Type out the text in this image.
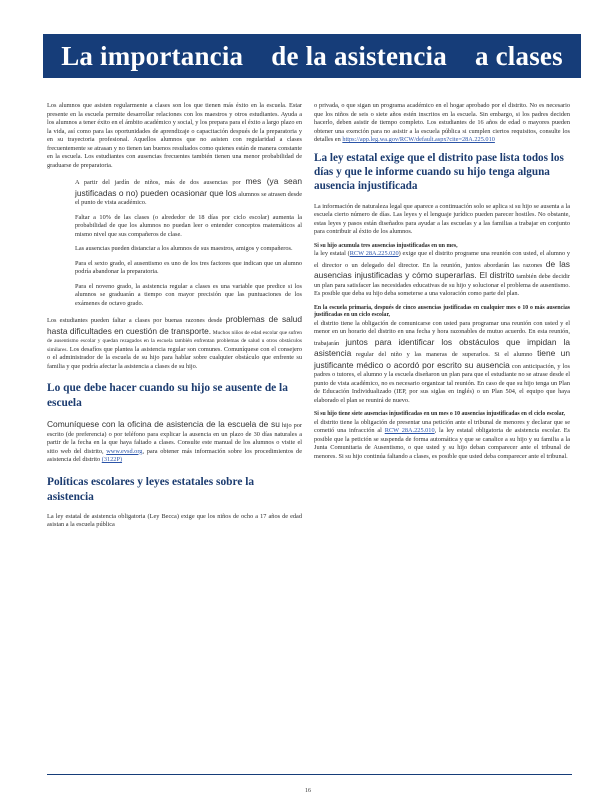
La importancia	de la asistencia	a clases

Los alumnos que asisten regularmente a clases son los que tienen más éxito en la escuela. Estar presente en la escuela permite desarrollar relaciones con los maestros y otros estudiantes. Ayuda a los alumnos a tener éxito en el ámbito académico y social, y los prepara para el éxito a largo plazo en la vida, así como para las oportunidades de aprendizaje o capacitación después de la preparatoria y en su trayectoria profesional. Aquellos alumnos que no asisten con regularidad a clases frecuentemente se atrasan y no tienen tan buenos resultados como quienes están de manera constante en la escuela. Los estudiantes con ausencias frecuentes también tienen una menor probabilidad de graduarse de preparatoria.

A partir del jardín de niños, más de dos ausencias por mes (ya sean justificadas o no) pueden ocasionar que los alumnos se atrasen desde el punto de vista académico.

Faltar a 10% de las clases (o alrededor de 18 días por ciclo escolar) aumenta la probabilidad de que los alumnos no puedan leer o entender conceptos matemáticos al mismo nivel que sus compañeros de clase.

Las ausencias pueden distanciar a los alumnos de sus maestros, amigos y compañeros.

Para el sexto grado, el ausentismo es uno de los tres factores que indican que un alumno podría abandonar la preparatoria.

Para el noveno grado, la asistencia regular a clases es una variable que predice si los alumnos se graduarán a tiempo con mayor precisión que las puntuaciones de los exámenes de octavo grado.

Los estudiantes pueden faltar a clases por buenas razones desde problemas de salud hasta dificultades en cuestión de transporte. Muchos niños de edad escolar que sufren de ausentismo escolar y quedan rezagados en la escuela también enfrentan problemas de salud u otros obstáculos similares. Los desafíos que plantea la asistencia regular son comunes. Comuníquese con el consejero o el administrador de la escuela de su hijo para hablar sobre cualquier obstáculo que enfrente su familia y que podría afectar la asistencia a clases de su hijo.

Lo que debe hacer cuando su hijo se ausente de la escuela

Comuníquese con la oficina de asistencia de la escuela de su hijo por escrito (de preferencia) o por teléfono para explicar la ausencia en un plazo de 30 días naturales a partir de la fecha en la que haya faltado a clases. Consulte este manual de los alumnos o visite el sitio web del distrito, www.evsd.org, para obtener más información sobre los procedimientos de asistencia del distrito (3122P)

Políticas escolares y leyes estatales sobre la asistencia

La ley estatal de asistencia obligatoria (Ley Becca) exige que los niños de ocho a 17 años de edad asistan a la escuela pública

o privada, o que sigan un programa académico en el hogar aprobado por el distrito. No es necesario que los niños de seis o siete años estén inscritos en la escuela. Sin embargo, si los padres deciden hacerlo, deben asistir de tiempo completo. Los estudiantes de 16 años de edad o mayores pueden obtener una exención para no asistir a la escuela pública si cumplen ciertos requisitos, consulte los detalles en https://app.leg.wa.gov/RCW/default.aspx?cite=28A.225.010

La ley estatal exige que el distrito pase lista todos los días y que le informe cuando su hijo tenga alguna ausencia injustificada

La información de naturaleza legal que aparece a continuación solo se aplica si su hijo se ausenta a la escuela cierto número de días. Las leyes y el lenguaje jurídico pueden parecer hostiles. No obstante, estas leyes y pasos están diseñados para ayudar a las escuelas y a las familias a trabajar en conjunto para contribuir al éxito de los alumnos.

Si su hijo acumula tres ausencias injustificadas en un mes,
la ley estatal (RCW 28A.225.020) exige que el distrito programe una reunión con usted, el alumno y el director o un delegado del director. En la reunión, juntos abordarán las razones de las ausencias injustificadas y cómo superarlas. El distrito también debe decidir un plan para satisfacer las necesidades educativas de su hijo y solucionar el problema de ausentismo. Es posible que deba su hijo deba someterse a una valoración como parte del plan.

En la escuela primaria, después de cinco ausencias justificadas en cualquier mes o 10 o más ausencias justificadas en un ciclo escolar,
el distrito tiene la obligación de comunicarse con usted para programar una reunión con usted y el menor en un horario del distrito en una fecha y hora razonables de mutuo acuerdo. En esta reunión, trabajarán juntos para identificar los obstáculos que impidan la asistencia regular del niño y las maneras de superarlos. Si el alumno tiene un justificante médico o acordó por escrito su ausencia con anticipación, y los padres o tutores, el alumno y la escuela diseñaron un plan para que el estudiante no se atrase desde el punto de vista académico, no es necesario organizar tal reunión. En caso de que su hijo tenga un Plan de Educación Individualizado (IEP, por sus siglas en inglés) o un Plan 504, el equipo que haya elaborado el plan se reunirá de nuevo.

Si su hijo tiene siete ausencias injustificadas en un mes o 10 ausencias injustificadas en el ciclo escolar,
el distrito tiene la obligación de presentar una petición ante el tribunal de menores y declarar que se cometió una infracción al RCW 28A.225.010, la ley estatal obligatoria de asistencia escolar. Es posible que la petición se suspenda de forma automática y que se canalice a su hijo y su familia a la Junta Comunitaria de Ausentismo, o que usted y su hijo deban comparecer ante el tribunal de menores. Si su hijo continúa faltando a clases, es posible que usted deba comparecer ante el tribunal.

16
